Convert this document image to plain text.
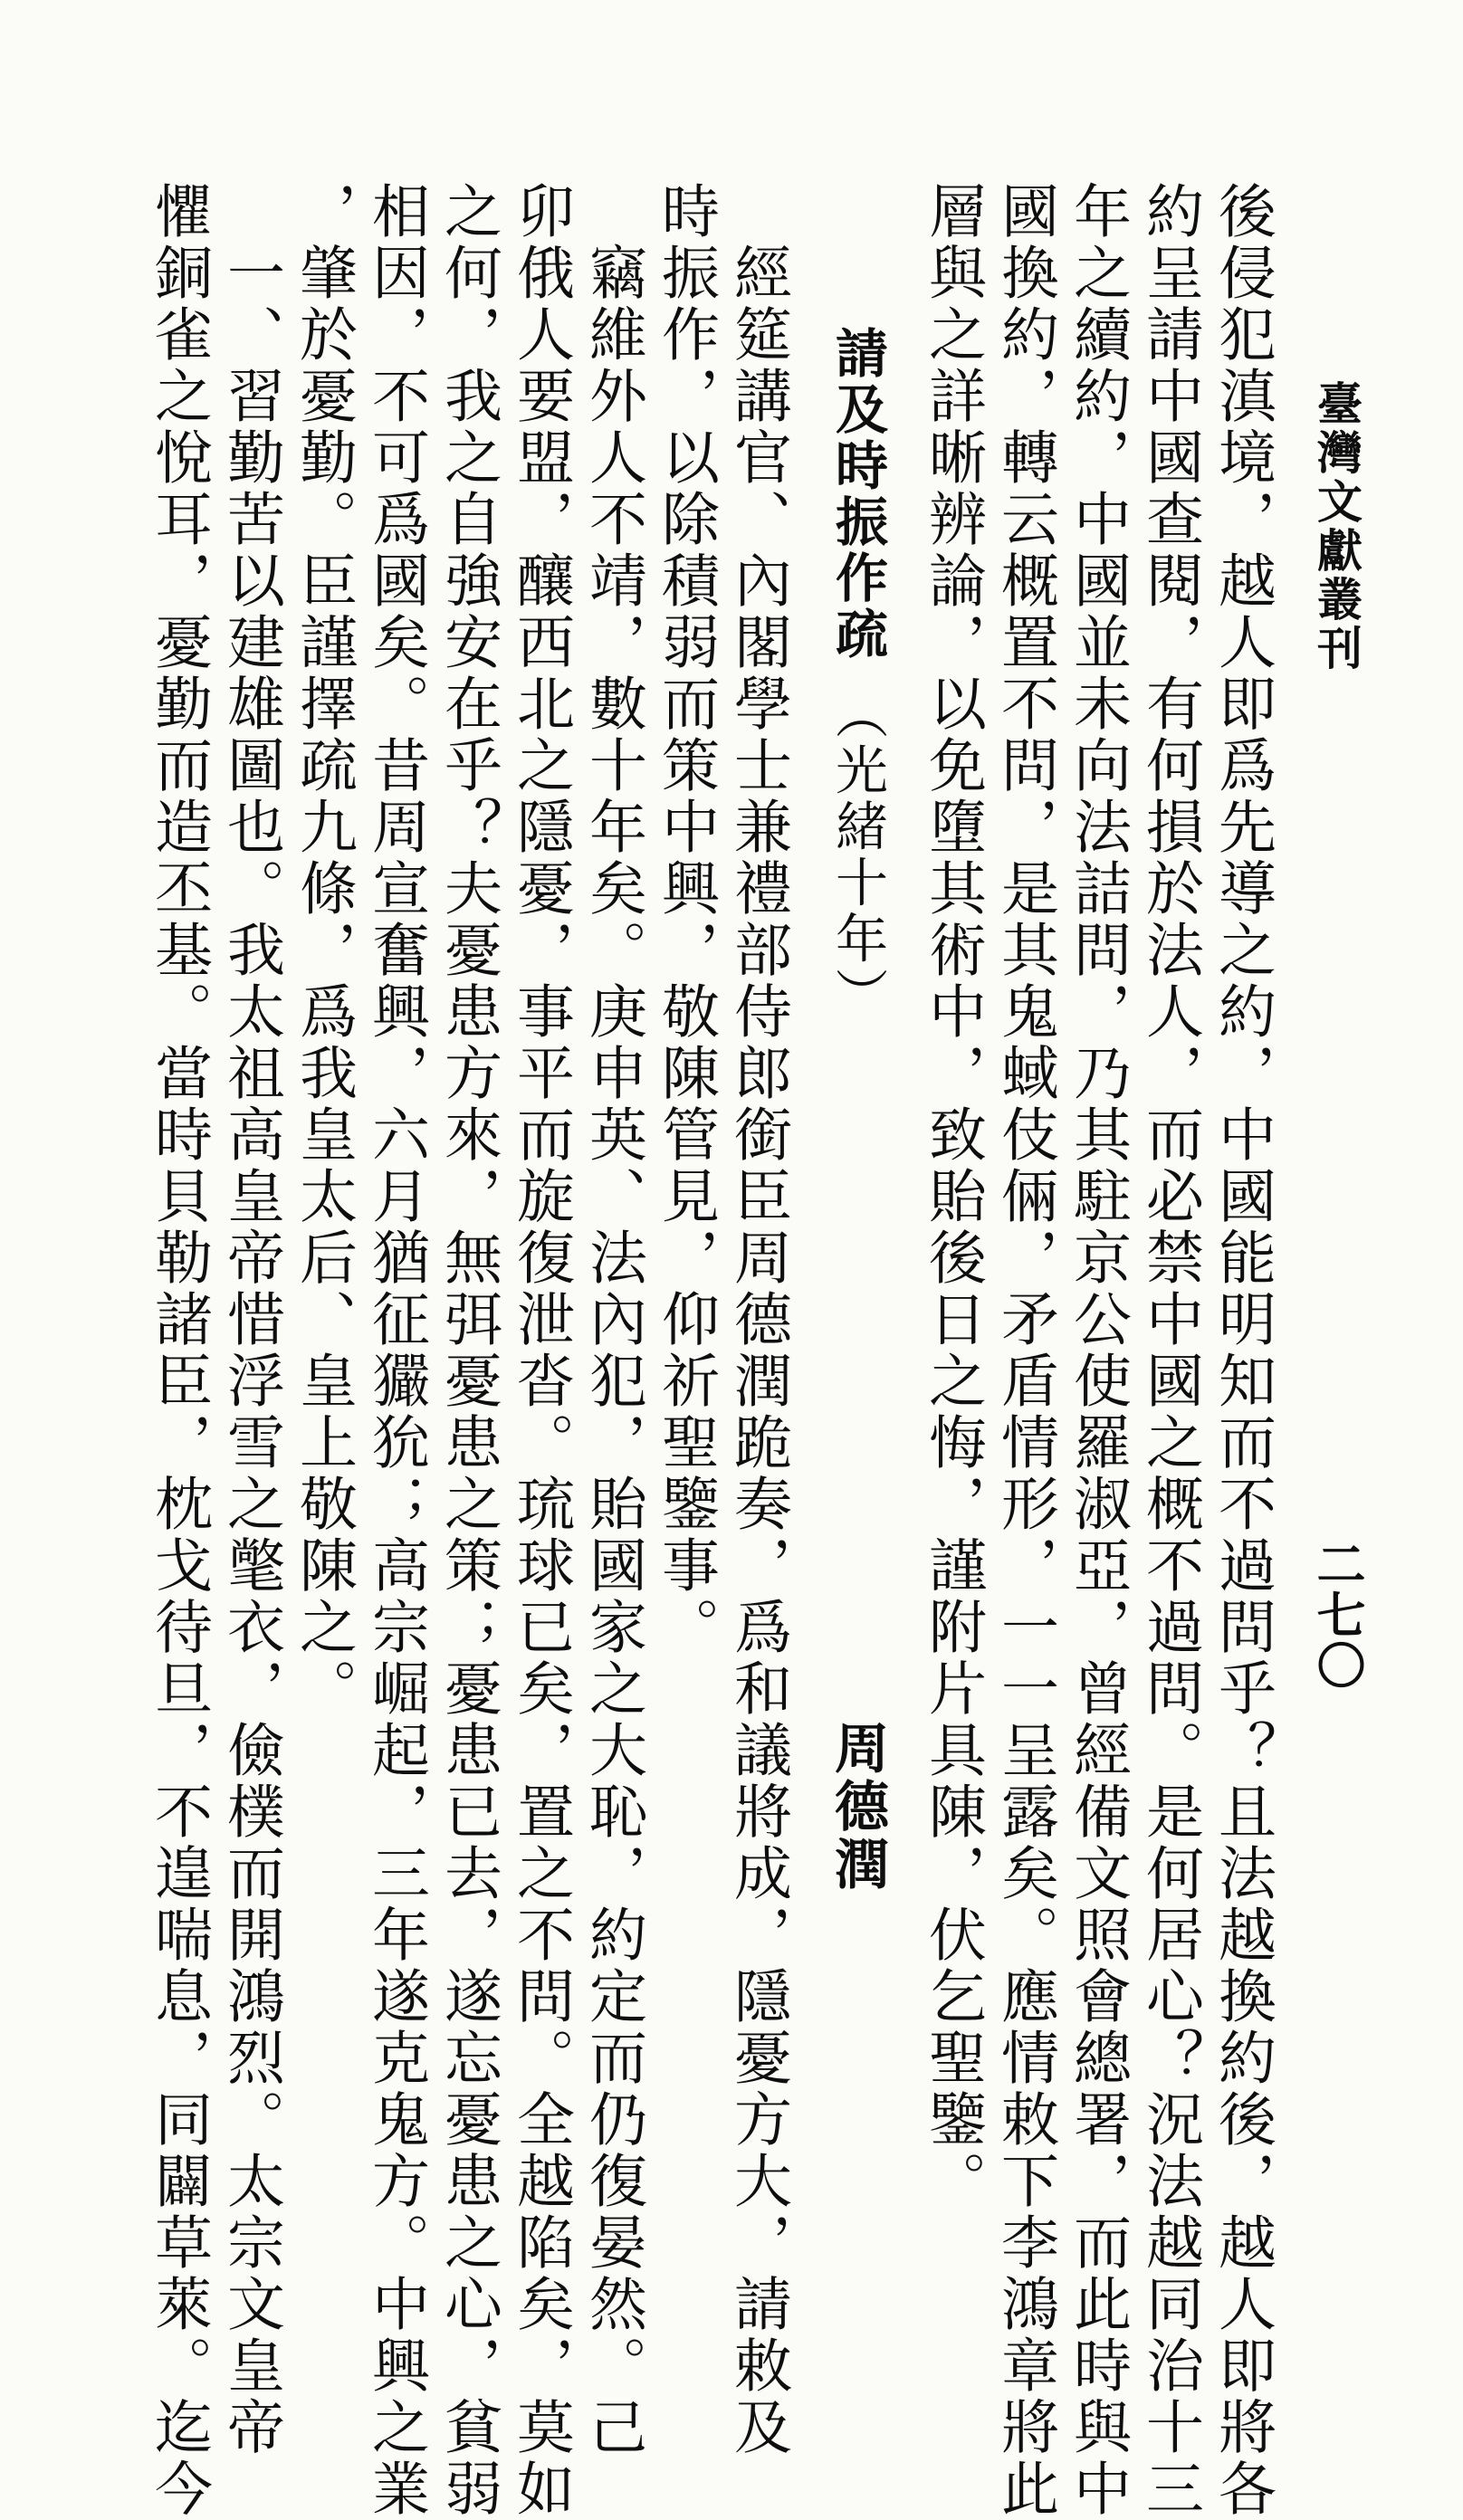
臺灣文獻叢刊
二七〇

後侵犯滇境，越人即爲先導之約，中國能明知而不過問乎？且法越換約後，越人即將各

約呈請中國查閱，有何損於法人，而必禁中國之概不過問。是何居心？況法越同治十三

年之續約，中國並未向法詰問，乃其駐京公使羅淑亞，曾經備文照會總署，而此時與中

國換約，轉云概置不問，是其鬼蜮伎倆，矛盾情形，一一呈露矣。應情敕下李鴻章將此

層與之詳晰辨論，以免墮其術中，致貽後日之悔，謹附片具陳，伏乞聖鑒。

請及時振作疏 （光緒十年）
周德潤

　經筵講官、內閣學士兼禮部侍郎銜臣周德潤跪奏，爲和議將成，隱憂方大，請敕及

時振作，以除積弱而策中興，敬陳管見，仰祈聖鑒事。

　竊維外人不靖，數十年矣。庚申英、法內犯，貽國家之大恥，約定而仍復晏然。己

卯俄人要盟，釀西北之隱憂，事平而旋復泄沓。琉球已矣，置之不問。全越陷矣，莫如

之何，我之自強安在乎？夫憂患方來，無弭憂患之策；憂患已去，遂忘憂患之心，貧弱

相因，不可爲國矣。昔周宣奮興，六月猶征玁狁；高宗崛起，三年遂克鬼方。中興之業

，肇於憂勤。臣謹擇疏九條，爲我皇太后、皇上敬陳之。

　一、習勤苦以建雄圖也。我太祖高皇帝惜浮雪之氅衣，儉樸而開鴻烈。太宗文皇帝

懼銅雀之悅耳，憂勤而造丕基。當時貝勒諸臣，枕戈待旦，不遑喘息，同闢草萊。迄今
